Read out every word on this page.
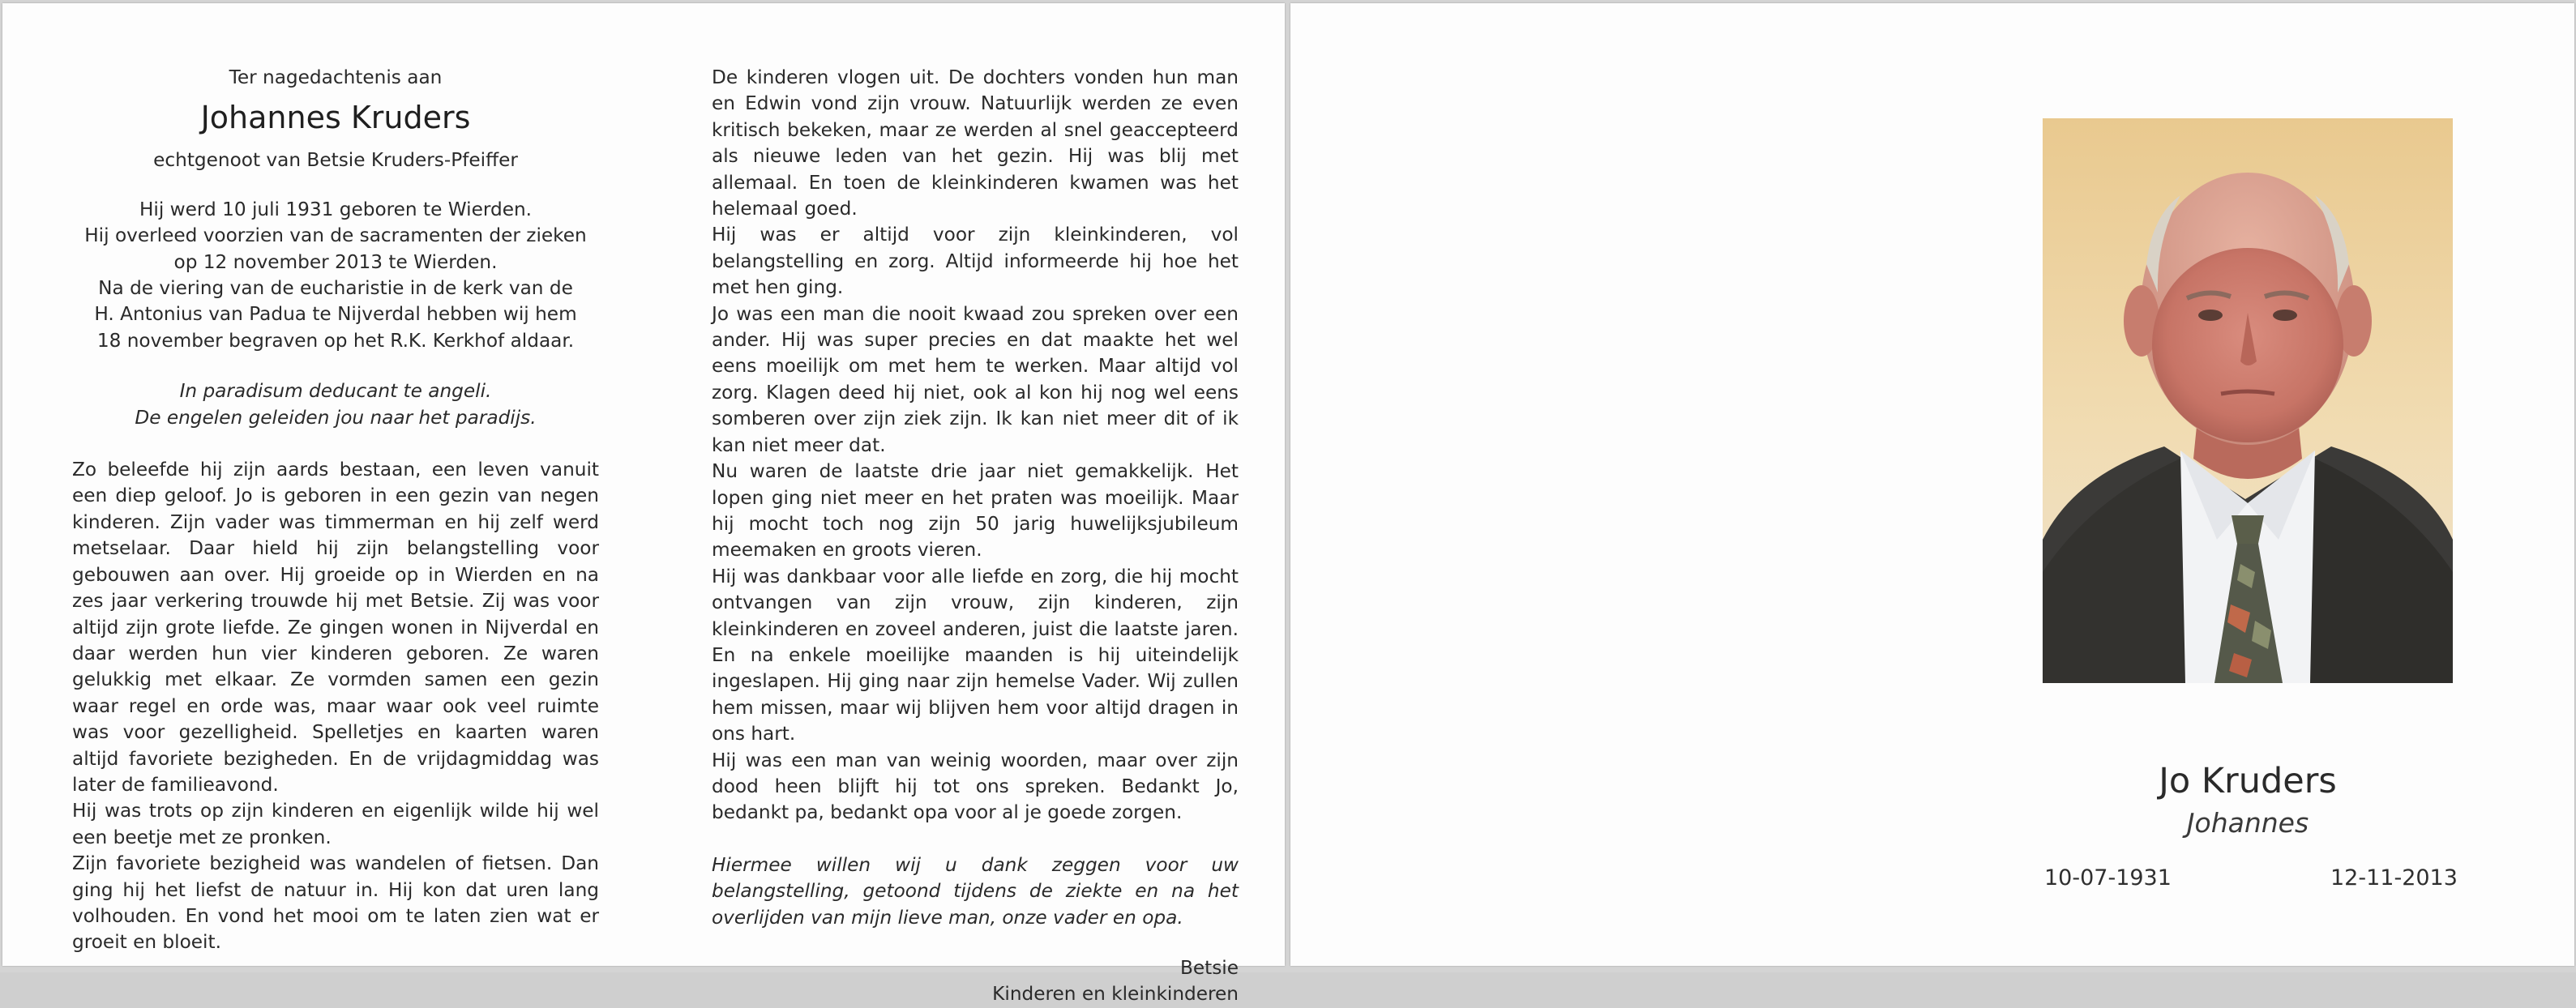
Ter nagedachtenis aan

Johannes Kruders

echtgenoot van Betsie Kruders-Pfeiffer

Hij werd 10 juli 1931 geboren te Wierden.

Hij overleed voorzien van de sacramenten der zieken

op 12 november 2013 te Wierden.

Na de viering van de eucharistie in de kerk van de

H. Antonius van Padua te Nijverdal hebben wij hem

18 november begraven op het R.K. Kerkhof aldaar.

In paradisum deducant te angeli.

De engelen geleiden jou naar het paradijs.

Zo beleefde hij zijn aards bestaan, een leven vanuit een diep geloof. Jo is geboren in een gezin van negen kinderen. Zijn vader was timmerman en hij zelf werd metselaar. Daar hield hij zijn belangstelling voor gebouwen aan over. Hij groeide op in Wierden en na zes jaar verkering trouwde hij met Betsie. Zij was voor altijd zijn grote liefde. Ze gingen wonen in Nijverdal en daar werden hun vier kinderen geboren. Ze waren gelukkig met elkaar. Ze vormden samen een gezin waar regel en orde was, maar waar ook veel ruimte was voor gezelligheid. Spelletjes en kaarten waren altijd favoriete bezigheden. En de vrijdagmiddag was later de familieavond.

Hij was trots op zijn kinderen en eigenlijk wilde hij wel een beetje met ze pronken.

Zijn favoriete bezigheid was wandelen of fietsen. Dan ging hij het liefst de natuur in. Hij kon dat uren lang volhouden. En vond het mooi om te laten zien wat er groeit en bloeit.

De kinderen vlogen uit. De dochters vonden hun man en Edwin vond zijn vrouw. Natuurlijk werden ze even kritisch bekeken, maar ze werden al snel geaccepteerd als nieuwe leden van het gezin. Hij was blij met allemaal. En toen de kleinkinderen kwamen was het helemaal goed.

Hij was er altijd voor zijn kleinkinderen, vol belangstelling en zorg. Altijd informeerde hij hoe het met hen ging.

Jo was een man die nooit kwaad zou spreken over een ander. Hij was super precies en dat maakte het wel eens moeilijk om met hem te werken. Maar altijd vol zorg. Klagen deed hij niet, ook al kon hij nog wel eens somberen over zijn ziek zijn. Ik kan niet meer dit of ik kan niet meer dat.

Nu waren de laatste drie jaar niet gemakkelijk. Het lopen ging niet meer en het praten was moeilijk. Maar hij mocht toch nog zijn 50 jarig huwelijksjubileum meemaken en groots vieren.

Hij was dankbaar voor alle liefde en zorg, die hij mocht ontvangen van zijn vrouw, zijn kinderen, zijn kleinkinderen en zoveel anderen, juist die laatste jaren. En na enkele moeilijke maanden is hij uiteindelijk ingeslapen. Hij ging naar zijn hemelse Vader. Wij zullen hem missen, maar wij blijven hem voor altijd dragen in ons hart.

Hij was een man van weinig woorden, maar over zijn dood heen blijft hij tot ons spreken. Bedankt Jo, bedankt pa, bedankt opa voor al je goede zorgen.

Hiermee willen wij u dank zeggen voor uw belangstelling, getoond tijdens de ziekte en na het overlijden van mijn lieve man, onze vader en opa.

Betsie

Kinderen en kleinkinderen

Jo Kruders
Johannes
10-07-1931	12-11-2013
